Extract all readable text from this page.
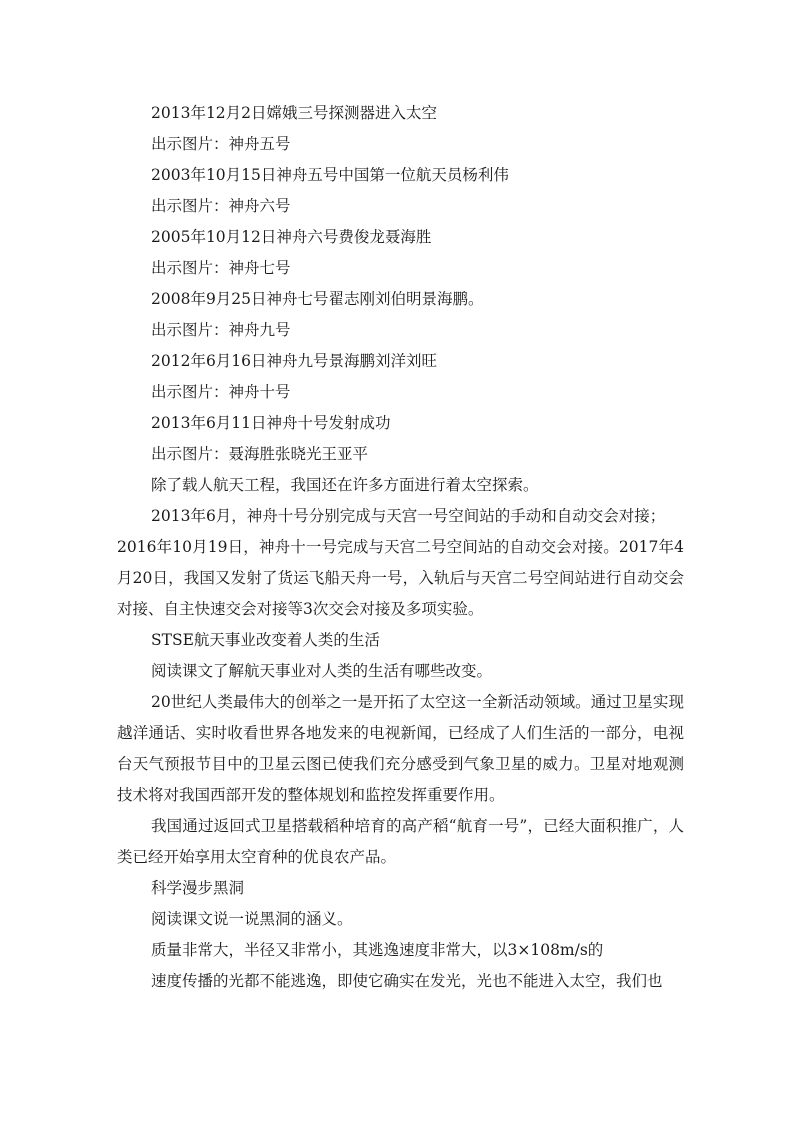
2013年12月2日嫦娥三号探测器进入太空

出示图片：神舟五号

2003年10月15日神舟五号中国第一位航天员杨利伟

出示图片：神舟六号

2005年10月12日神舟六号费俊龙聂海胜

出示图片：神舟七号

2008年9月25日神舟七号翟志刚刘伯明景海鹏。

出示图片：神舟九号

2012年6月16日神舟九号景海鹏刘洋刘旺

出示图片：神舟十号

2013年6月11日神舟十号发射成功

出示图片：聂海胜张晓光王亚平

除了载人航天工程，我国还在许多方面进行着太空探索。

2013年6月，神舟十号分别完成与天宫一号空间站的手动和自动交会对接；

2016年10月19日，神舟十一号完成与天宫二号空间站的自动交会对接。2017年4月20日，我国又发射了货运飞船天舟一号，入轨后与天宫二号空间站进行自动交会对接、自主快速交会对接等3次交会对接及多项实验。

STSE航天事业改变着人类的生活

阅读课文了解航天事业对人类的生活有哪些改变。

20世纪人类最伟大的创举之一是开拓了太空这一全新活动领域。通过卫星实现越洋通话、实时收看世界各地发来的电视新闻，已经成了人们生活的一部分，电视台天气预报节目中的卫星云图已使我们充分感受到气象卫星的威力。卫星对地观测技术将对我国西部开发的整体规划和监控发挥重要作用。

我国通过返回式卫星搭载稻种培育的高产稻“航育一号”，已经大面积推广，人类已经开始享用太空育种的优良农产品。

科学漫步黑洞

阅读课文说一说黑洞的涵义。

质量非常大，半径又非常小，其逃逸速度非常大，以3×108m/s的

速度传播的光都不能逃逸，即使它确实在发光，光也不能进入太空，我们也
